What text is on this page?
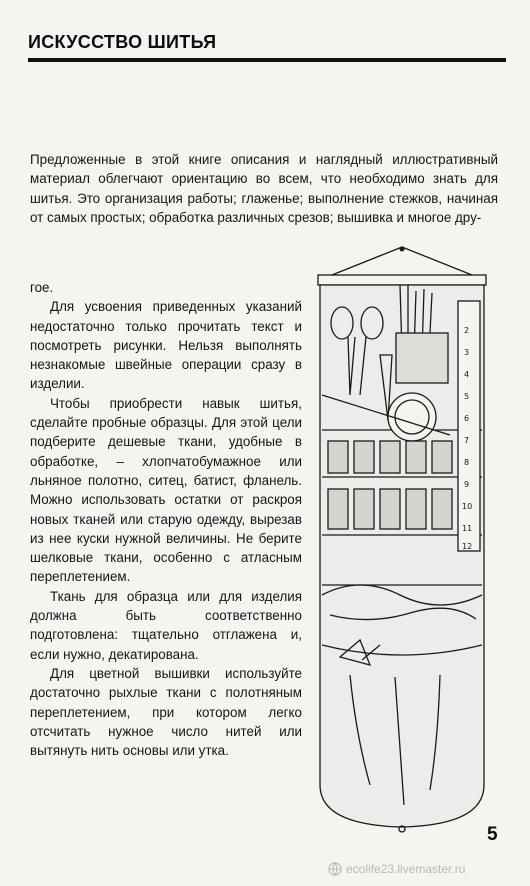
ИСКУССТВО ШИТЬЯ

Предложенные в этой книге описания и наглядный иллюстративный материал облегчают ориентацию во всем, что необходимо знать для шитья. Это организация работы; глаженье; выполнение стежков, начиная от самых простых; обработка различных срезов; вышивка и многое дру-

гое.

Для усвоения приведенных указаний недостаточно только прочитать текст и посмотреть рисунки. Нельзя выполнять незнакомые швейные операции сразу в изделии.

Чтобы приобрести навык шитья, сделайте пробные образцы. Для этой цели подберите дешевые ткани, удобные в обработке, – хлопчатобумажное или льняное полотно, ситец, батист, фланель. Можно использовать остатки от раскроя новых тканей или старую одежду, вырезав из нее куски нужной величины. Не берите шелковые ткани, особенно с атласным переплетением.

Ткань для образца или для изделия должна быть соответственно подготовлена: тщательно отглажена и, если нужно, декатирована.

Для цветной вышивки используйте достаточно рыхлые ткани с полотняным переплетением, при котором легко отсчитать нужное число нитей или вытянуть нить основы или утка.

2
3
4
5
6
7
8
9
10
11
12
5
ecolife23.livemaster.ru
